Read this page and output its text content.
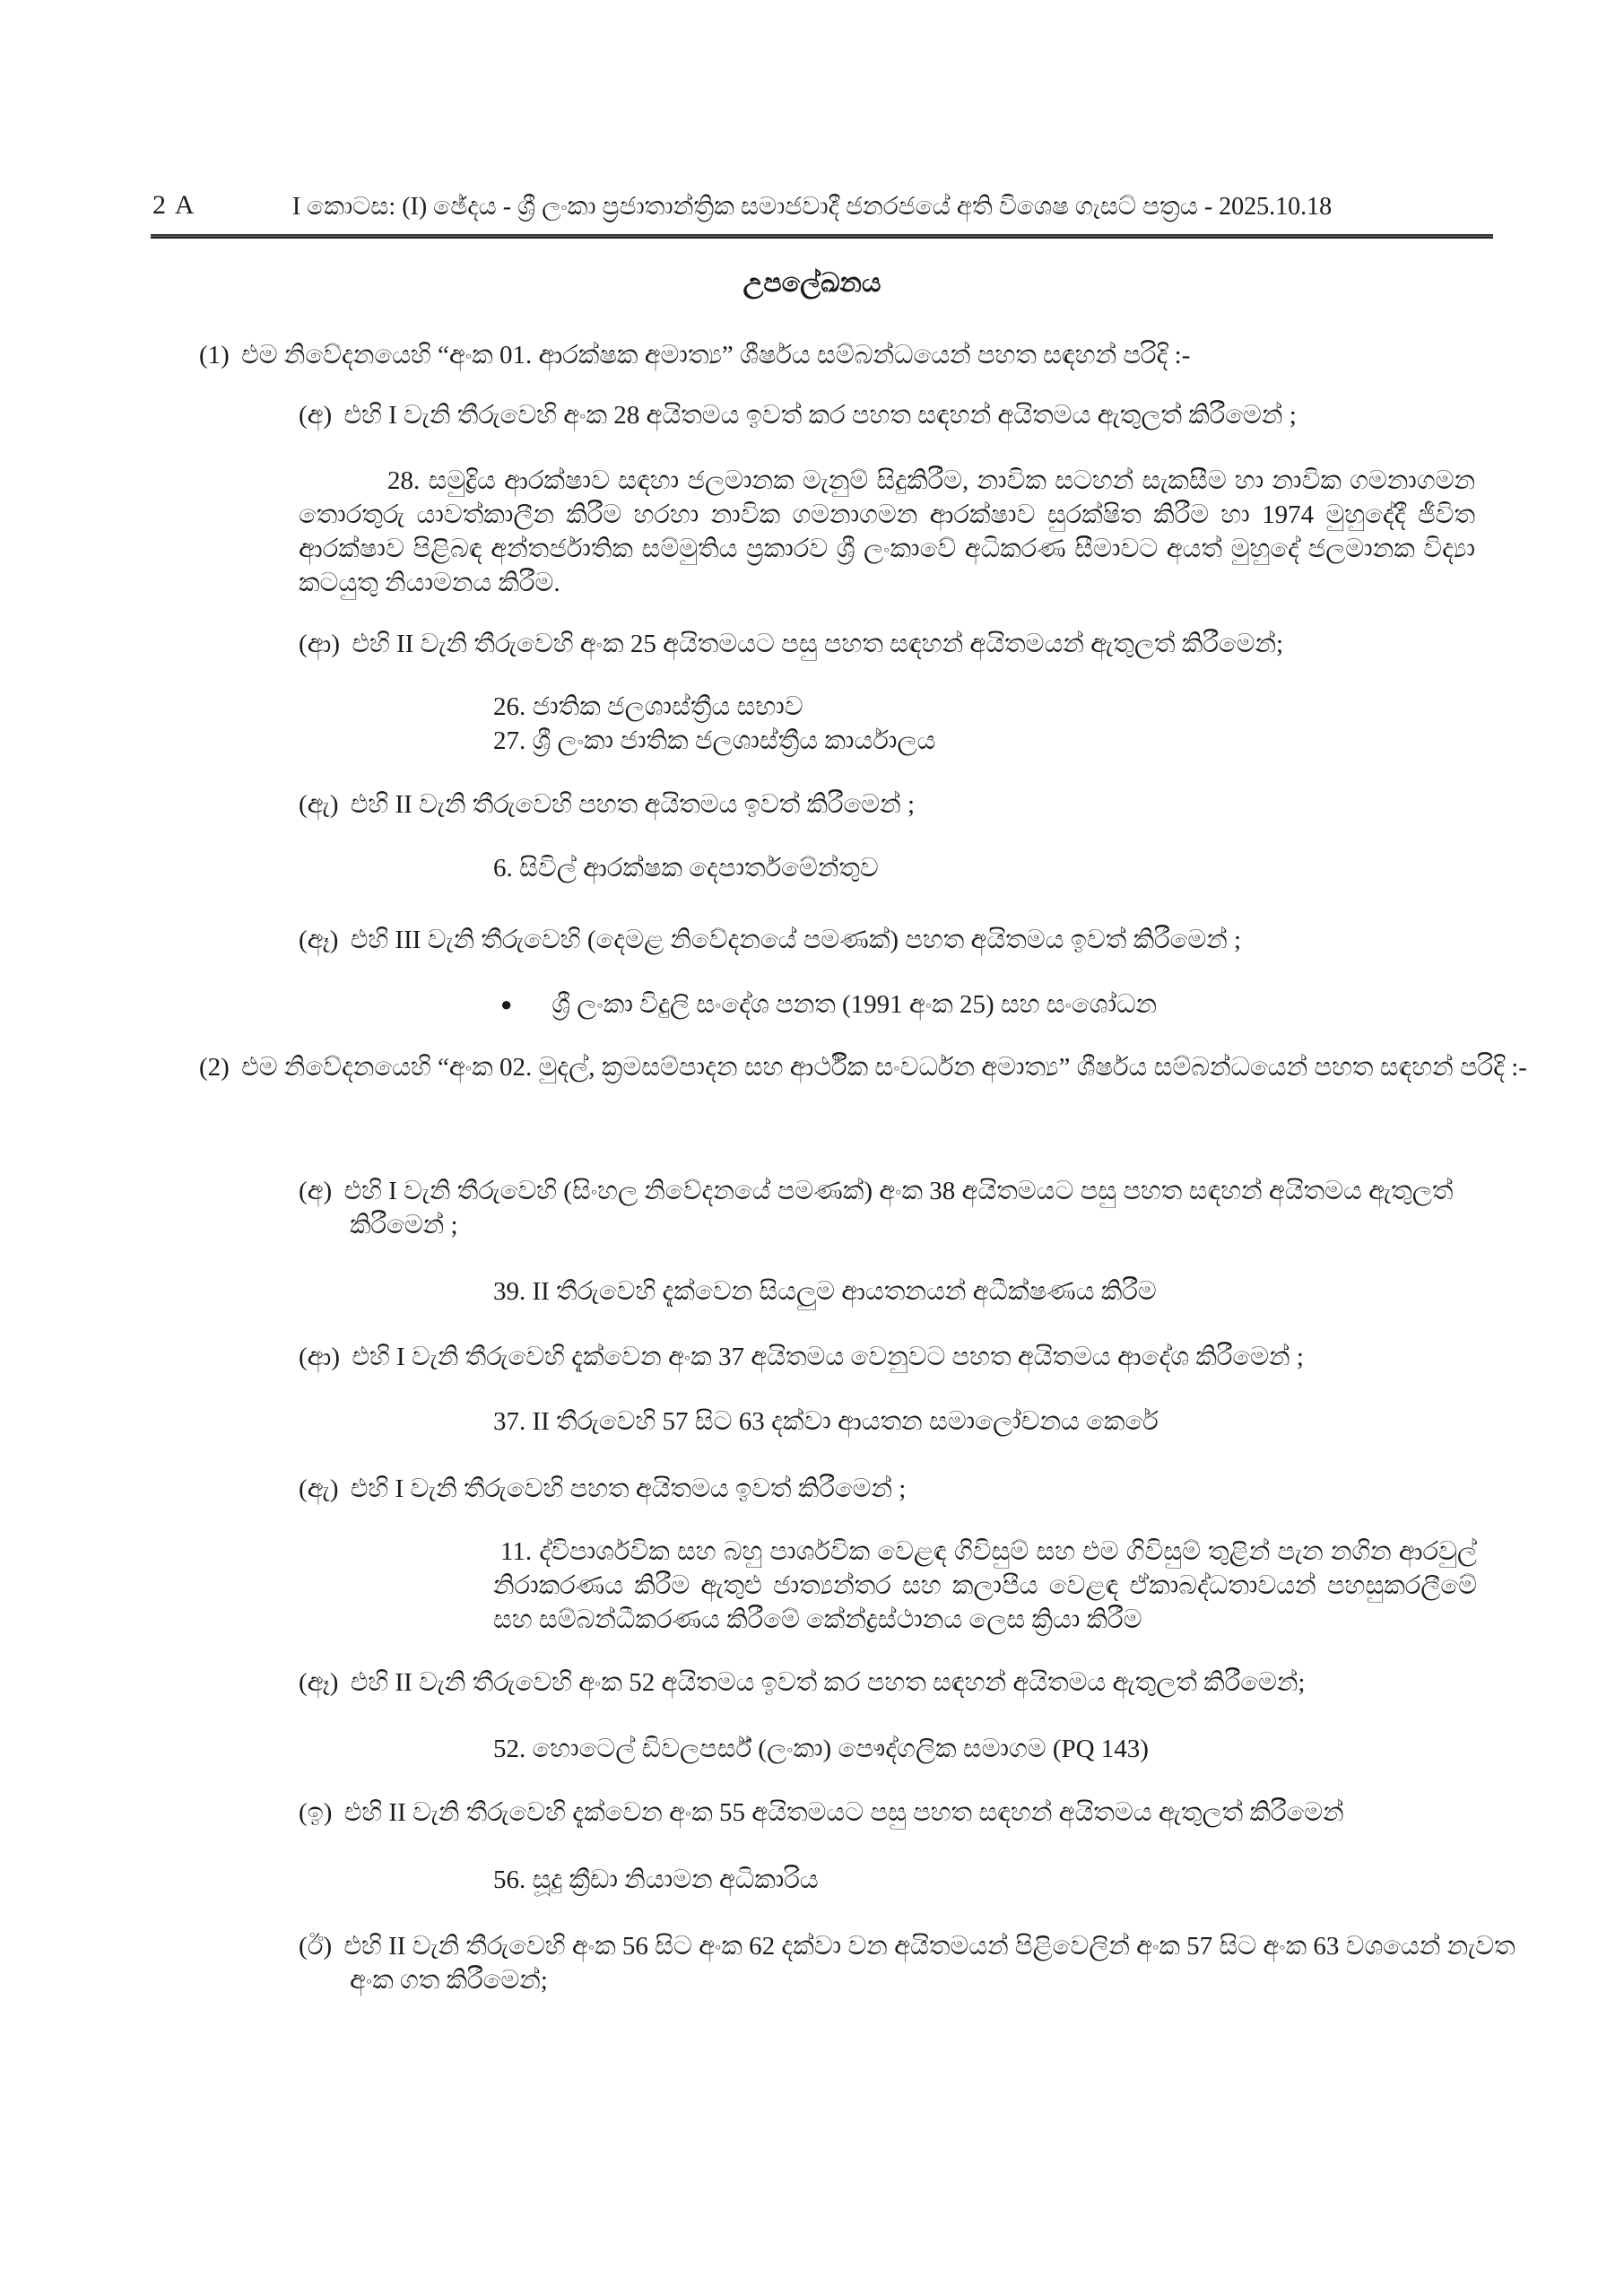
2 A	I කොටස: (I) ඡේදය - ශ්‍රී ලංකා ප්‍රජාතාන්ත්‍රික සමාජවාදී ජනරජයේ අති විශෙෂ ගැසට් පත්‍රය - 2025.10.18
උපලේඛනය
(1) එම නිවේදනයෙහි “අංක 01. ආරක්ෂක අමාත්‍ය” ශීර්ෂය සම්බන්ධයෙන් පහත සඳහන් පරිදි :-
(අ) එහි I වැනි තීරුවෙහි අංක 28 අයිතමය ඉවත් කර පහත සඳහන් අයිතමය ඇතුලත් කිරීමෙන් ;
28. සමුද්‍රිය ආරක්ෂාව සඳහා ජලමානක මැනුම් සිදුකිරීම, නාවික සටහන් සැකසීම හා නාවික ගමනාගමන තොරතුරු යාවත්කාලීන කිරීම හරහා නාවික ගමනාගමන ආරක්ෂාව සුරක්ෂිත කිරීම හා 1974 මුහුදේදී ජීවිත ආරක්ෂාව පිළිබඳ අන්තර්ජාතික සම්මුතිය ප්‍රකාරව ශ්‍රී ලංකාවේ අධිකරණ සීමාවට අයත් මුහුදේ ජලමානක විද්‍යා කටයුතු නියාමනය කිරීම.
(ආ) එහි II වැනි තීරුවෙහි අංක 25 අයිතමයට පසු පහත සඳහන් අයිතමයන් ඇතුලත් කිරීමෙන්;
26. ජාතික ජලශාස්ත්‍රීය සභාව
27. ශ්‍රී ලංකා ජාතික ජලශාස්ත්‍රීය කාර්යාලය
(ඇ) එහි II වැනි තීරුවෙහි පහත අයිතමය ඉවත් කිරීමෙන් ;
6. සිවිල් ආරක්ෂක දෙපාර්තමේන්තුව
(ඈ) එහි III වැනි තීරුවෙහි (දෙමළ නිවේදනයේ පමණක්) පහත අයිතමය ඉවත් කිරීමෙන් ;
● ශ්‍රී ලංකා විදුලි සංදේශ පනත (1991 අංක 25) සහ සංශෝධන
(2) එම නිවේදනයෙහි “අංක 02. මුදල්, ක්‍රමසම්පාදන සහ ආර්ථීක සංවර්ධන අමාත්‍ය” ශීර්ෂය සම්බන්ධයෙන් පහත සඳහන් පරිදි :-
(අ) එහි I වැනි තීරුවෙහි (සිංහල නිවේදනයේ පමණක්) අංක 38 අයිතමයට පසු පහත සඳහන් අයිතමය ඇතුලත් කිරීමෙන් ;
39. II තීරුවෙහි දැක්වෙන සියලුම ආයතනයන් අධීක්ෂණය කිරීම
(ආ) එහි I වැනි තීරුවෙහි දැක්වෙන අංක 37 අයිතමය වෙනුවට පහත අයිතමය ආදේශ කිරීමෙන් ;
37. II තීරුවෙහි 57 සිට 63 දක්වා ආයතන සමාලෝචනය කෙරේ
(ඇ) එහි I වැනි තීරුවෙහි පහත අයිතමය ඉවත් කිරීමෙන් ;
11. ද්විපාර්ශවික සහ බහු පාර්ශවික වෙළඳ ගිවිසුම් සහ එම ගිවිසුම් තුළින් පැන නගින ආරවුල් නිරාකරණය කිරීම ඇතුළු ජාත්‍යන්තර සහ කලාපීය වෙළඳ ඒකාබද්ධතාවයන් පහසුකරලීමේ සහ සම්බන්ධීකරණය කිරීමේ කේන්ද්‍රස්ථානය ලෙස ක්‍රියා කිරීම
(ඈ) එහි II වැනි තීරුවෙහි අංක 52 අයිතමය ඉවත් කර පහත සඳහන් අයිතමය ඇතුලත් කිරීමෙන්;
52. හොටෙල් ඩිවලපර්ස් (ලංකා) පෞද්ගලික සමාගම (PQ 143)
(ඉ) එහි II වැනි තීරුවෙහි දැක්වෙන අංක 55 අයිතමයට පසු පහත සඳහන් අයිතමය ඇතුලත් කිරීමෙන්
56. සූදු ක්‍රීඩා නියාමන අධිකාරිය
(ඊ) එහි II වැනි තීරුවෙහි අංක 56 සිට අංක 62 දක්වා වන අයිතමයන් පිළිවෙලින් අංක 57 සිට අංක 63 වශයෙන් නැවත අංක ගත කිරීමෙන්;
